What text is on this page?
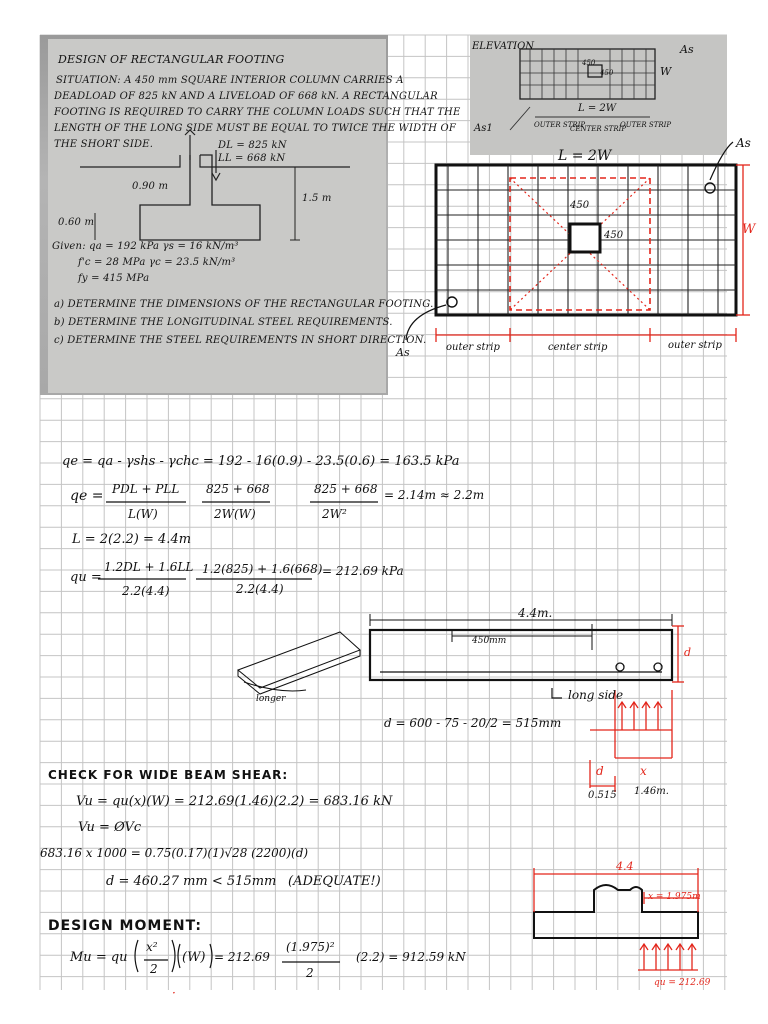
DESIGN OF RECTANGULAR FOOTING
SITUATION: A 450 mm SQUARE INTERIOR COLUMN CARRIES A
DEADLOAD OF 825 kN AND A LIVELOAD OF 668 kN. A RECTANGULAR
FOOTING IS REQUIRED TO CARRY THE COLUMN LOADS SUCH THAT THE
LENGTH OF THE LONG SIDE MUST BE EQUAL TO TWICE THE WIDTH OF
THE SHORT SIDE.	DL = 825 kN
LL = 668 kN
0.90 m
1.5 m
0.60 m
Given: qa = 192 kPa γs = 16 kN/m³
f'c = 28 MPa γc = 23.5 kN/m³
fy = 415 MPa
a) DETERMINE THE DIMENSIONS OF THE RECTANGULAR FOOTING.
b) DETERMINE THE LONGITUDINAL STEEL REQUIREMENTS.
c) DETERMINE THE STEEL REQUIREMENTS IN SHORT DIRECTION.
ELEVATION	As
W
450
450
L = 2W
As1	OUTER STRIP
CENTER STRIP
OUTER STRIP
L = 2W
W
As
As
450
450
outer strip	center strip	outer strip
qe = qa - γshs - γchc = 192 - 16(0.9) - 23.5(0.6) = 163.5 kPa
qe = PDL + PLL
L(W)
825 + 668
2W(W)
825 + 668
2W²
= 2.14m ≈ 2.2m
L = 2(2.2) = 4.4m
qu =
1.2DL + 1.6LL
2.2(4.4)
1.2(825) + 1.6(668)
2.2(4.4)
= 212.69 kPa
4.4m.
450mm
d
long side
longer
d = 600 - 75 - 20/2 = 515mm
d	x
0.515 1.46m.
CHECK FOR WIDE BEAM SHEAR:
Vu = qu(x)(W) = 212.69(1.46)(2.2) = 683.16 kN
Vu = ØVc
683.16 x 1000 = 0.75(0.17)(1)√28 (2200)(d)
d = 460.27 mm < 515mm (ADEQUATE!)
DESIGN MOMENT:
Mu = qu
x²
2
(W) = 212.69
(1.975)²
2
(2.2) = 912.59 kN
·
4.4
x = 1.975m
qu = 212.69
